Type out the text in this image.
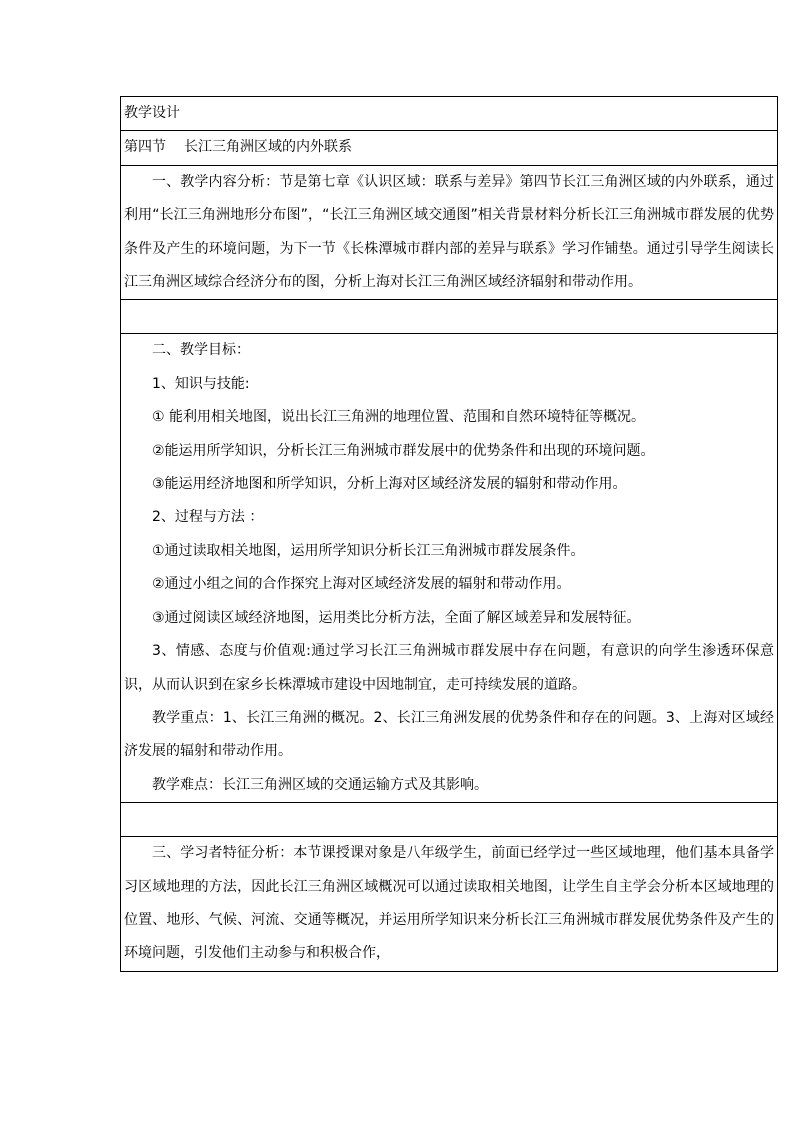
教学设计
第四节 长江三角洲区域的内外联系

一、教学内容分析：节是第七章《认识区域：联系与差异》第四节长江三角洲区域的内外联系，通过利用“长江三角洲地形分布图”，“长江三角洲区域交通图”相关背景材料分析长江三角洲城市群发展的优势条件及产生的环境问题，为下一节《长株潭城市群内部的差异与联系》学习作铺垫。通过引导学生阅读长江三角洲区域综合经济分布的图，分析上海对长江三角洲区域经济辐射和带动作用。

二、教学目标：

1、知识与技能:

① 能利用相关地图，说出长江三角洲的地理位置、范围和自然环境特征等概况。

②能运用所学知识，分析长江三角洲城市群发展中的优势条件和出现的环境问题。

③能运用经济地图和所学知识，分析上海对区域经济发展的辐射和带动作用。

2、过程与方法 ：

①通过读取相关地图，运用所学知识分析长江三角洲城市群发展条件。

②通过小组之间的合作探究上海对区域经济发展的辐射和带动作用。

③通过阅读区域经济地图，运用类比分析方法，全面了解区域差异和发展特征。

3、情感、态度与价值观:通过学习长江三角洲城市群发展中存在问题，有意识的向学生渗透环保意识，从而认识到在家乡长株潭城市建设中因地制宜，走可持续发展的道路。

教学重点：1、长江三角洲的概况。2、长江三角洲发展的优势条件和存在的问题。3、上海对区域经济发展的辐射和带动作用。

教学难点：长江三角洲区域的交通运输方式及其影响。

三、学习者特征分析：本节课授课对象是八年级学生，前面已经学过一些区域地理，他们基本具备学习区域地理的方法，因此长江三角洲区域概况可以通过读取相关地图，让学生自主学会分析本区域地理的位置、地形、气候、河流、交通等概况，并运用所学知识来分析长江三角洲城市群发展优势条件及产生的环境问题，引发他们主动参与和积极合作，
